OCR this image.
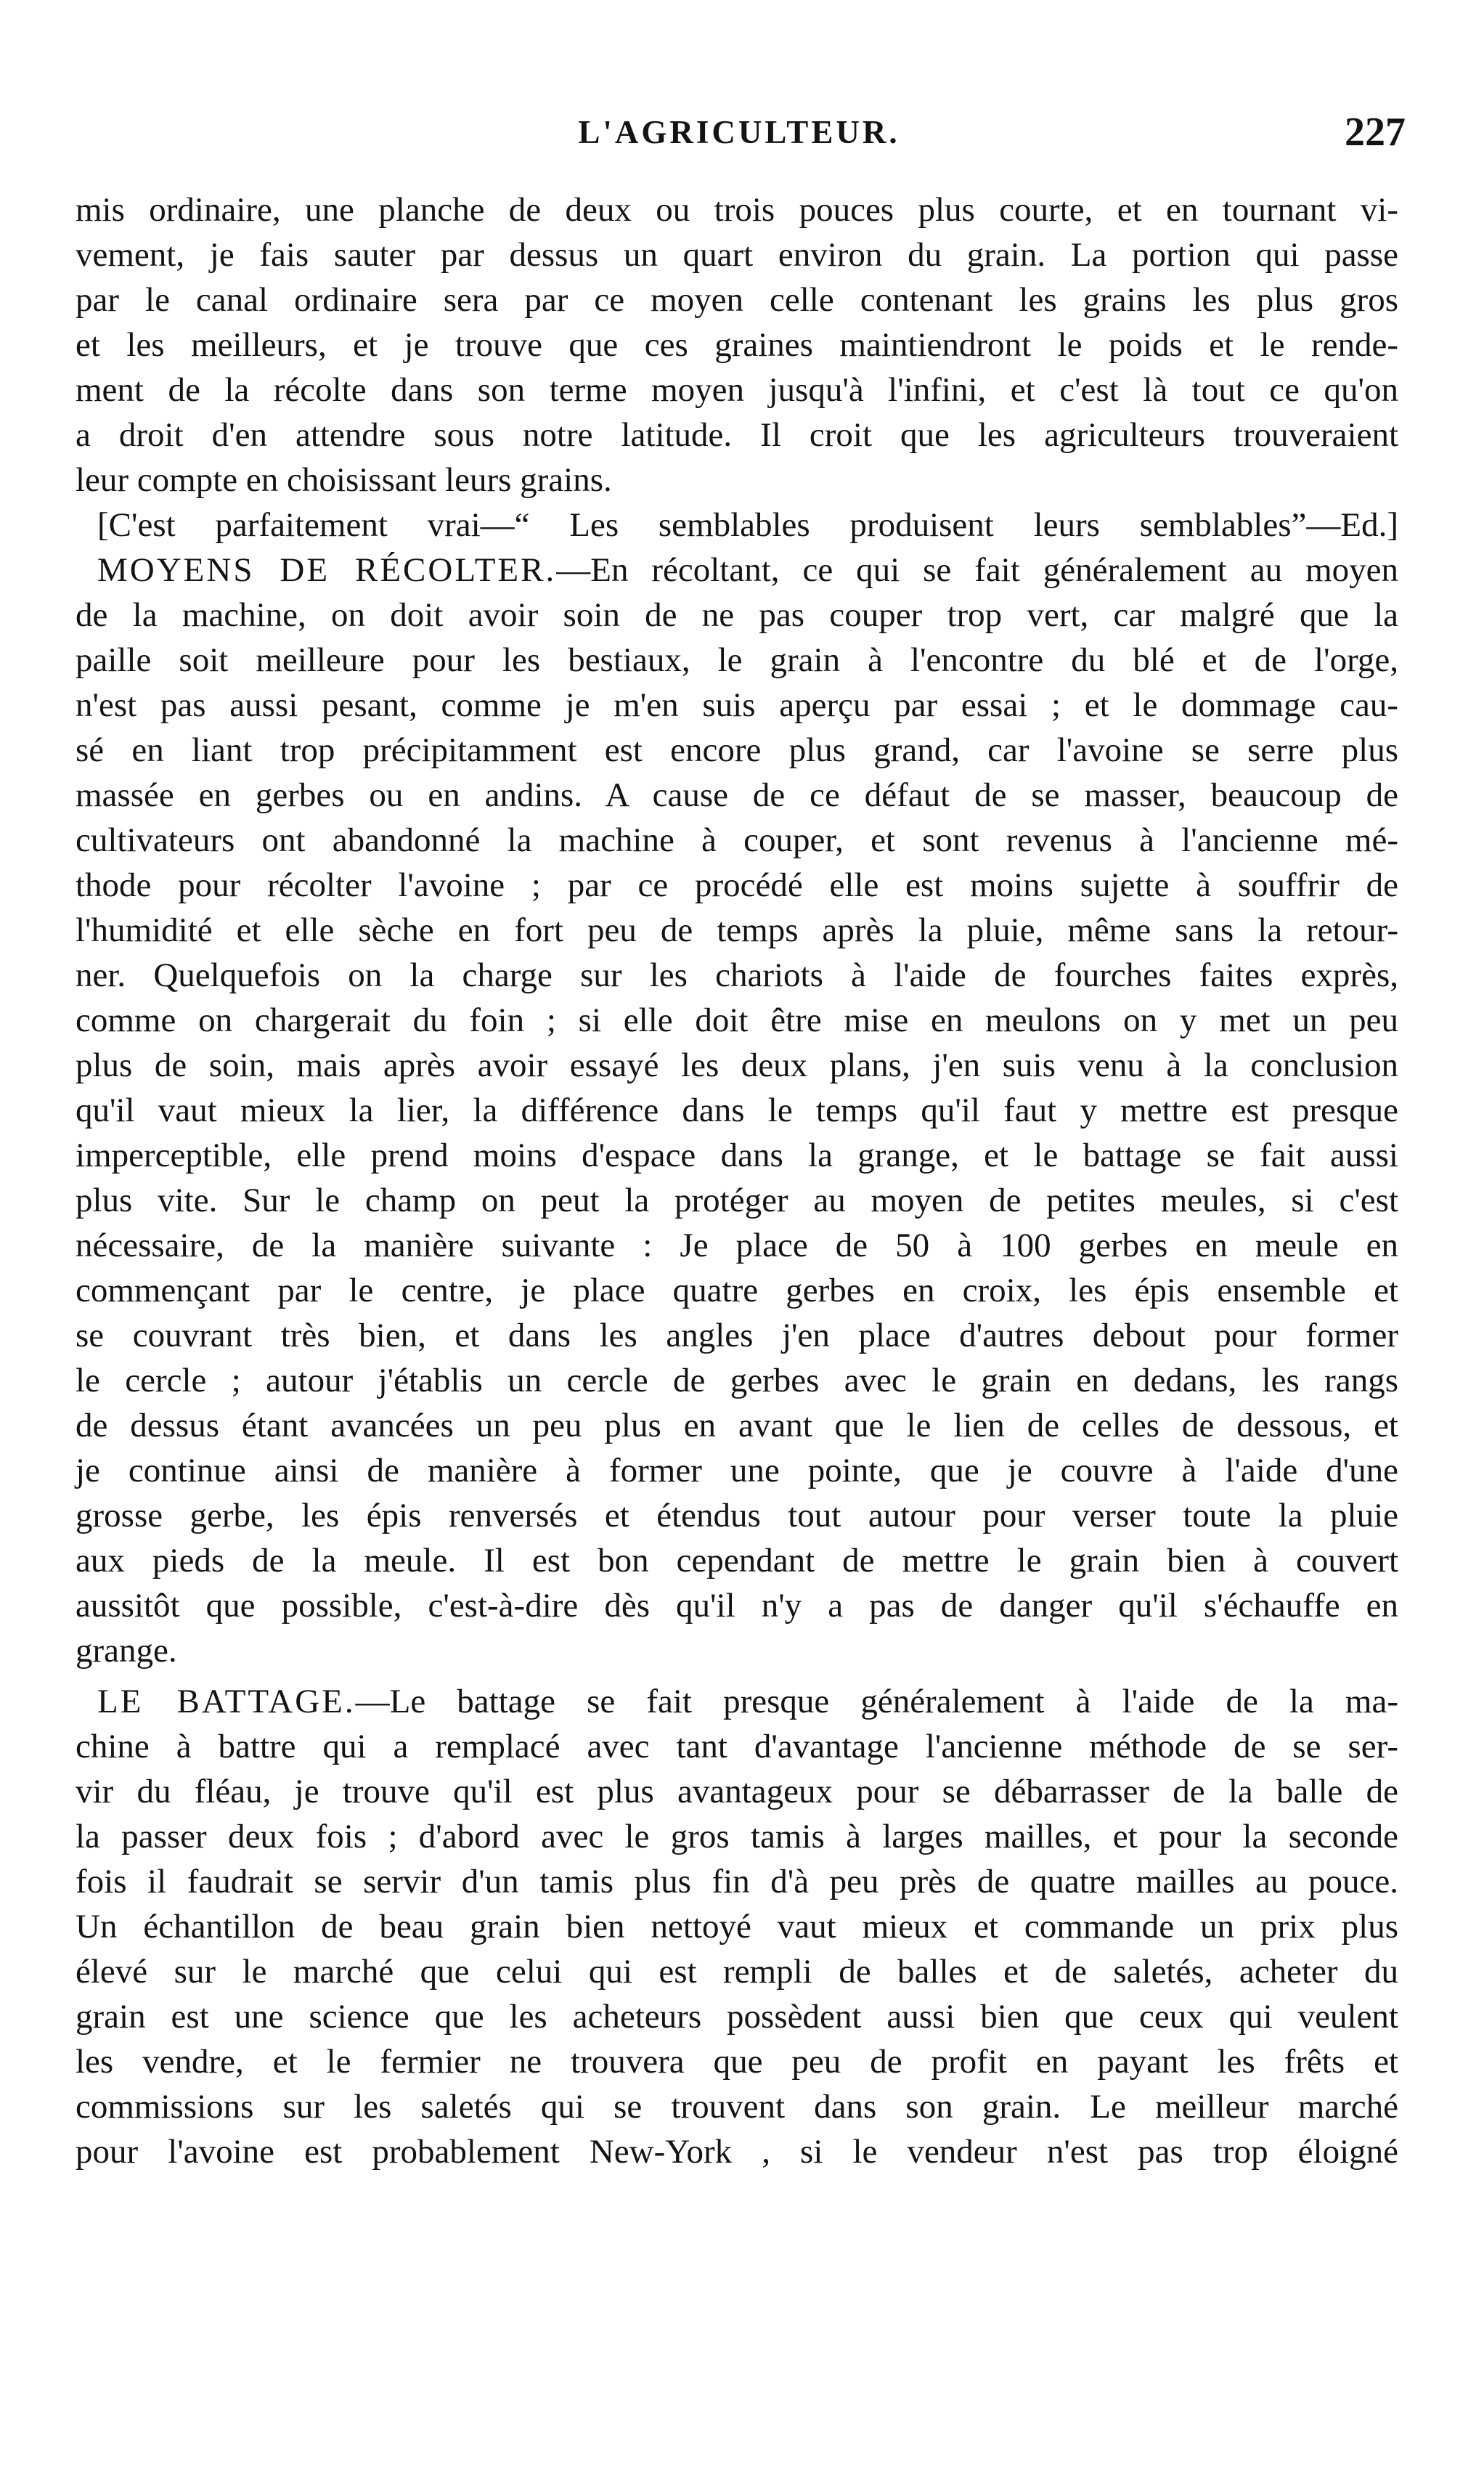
L'AGRICULTEUR.	227
mis ordinaire, une planche de deux ou trois pouces plus courte, et en tournant vi-
vement, je fais sauter par dessus un quart environ du grain. La portion qui passe
par le canal ordinaire sera par ce moyen celle contenant les grains les plus gros
et les meilleurs, et je trouve que ces graines maintiendront le poids et le rende-
ment de la récolte dans son terme moyen jusqu'à l'infini, et c'est là tout ce qu'on
a droit d'en attendre sous notre latitude. Il croit que les agriculteurs trouveraient
leur compte en choisissant leurs grains.
[C'est parfaitement vrai—“ Les semblables produisent leurs semblables”—Ed.]
MOYENS DE RÉCOLTER.—En récoltant, ce qui se fait généralement au moyen
de la machine, on doit avoir soin de ne pas couper trop vert, car malgré que la
paille soit meilleure pour les bestiaux, le grain à l'encontre du blé et de l'orge,
n'est pas aussi pesant, comme je m'en suis aperçu par essai ; et le dommage cau-
sé en liant trop précipitamment est encore plus grand, car l'avoine se serre plus
massée en gerbes ou en andins. A cause de ce défaut de se masser, beaucoup de
cultivateurs ont abandonné la machine à couper, et sont revenus à l'ancienne mé-
thode pour récolter l'avoine ; par ce procédé elle est moins sujette à souffrir de
l'humidité et elle sèche en fort peu de temps après la pluie, même sans la retour-
ner. Quelquefois on la charge sur les chariots à l'aide de fourches faites exprès,
comme on chargerait du foin ; si elle doit être mise en meulons on y met un peu
plus de soin, mais après avoir essayé les deux plans, j'en suis venu à la conclusion
qu'il vaut mieux la lier, la différence dans le temps qu'il faut y mettre est presque
imperceptible, elle prend moins d'espace dans la grange, et le battage se fait aussi
plus vite. Sur le champ on peut la protéger au moyen de petites meules, si c'est
nécessaire, de la manière suivante : Je place de 50 à 100 gerbes en meule en
commençant par le centre, je place quatre gerbes en croix, les épis ensemble et
se couvrant très bien, et dans les angles j'en place d'autres debout pour former
le cercle ; autour j'établis un cercle de gerbes avec le grain en dedans, les rangs
de dessus étant avancées un peu plus en avant que le lien de celles de dessous, et
je continue ainsi de manière à former une pointe, que je couvre à l'aide d'une
grosse gerbe, les épis renversés et étendus tout autour pour verser toute la pluie
aux pieds de la meule. Il est bon cependant de mettre le grain bien à couvert
aussitôt que possible, c'est-à-dire dès qu'il n'y a pas de danger qu'il s'échauffe en
grange.
LE BATTAGE.—Le battage se fait presque généralement à l'aide de la ma-
chine à battre qui a remplacé avec tant d'avantage l'ancienne méthode de se ser-
vir du fléau, je trouve qu'il est plus avantageux pour se débarrasser de la balle de
la passer deux fois ; d'abord avec le gros tamis à larges mailles, et pour la seconde
fois il faudrait se servir d'un tamis plus fin d'à peu près de quatre mailles au pouce.
Un échantillon de beau grain bien nettoyé vaut mieux et commande un prix plus
élevé sur le marché que celui qui est rempli de balles et de saletés, acheter du
grain est une science que les acheteurs possèdent aussi bien que ceux qui veulent
les vendre, et le fermier ne trouvera que peu de profit en payant les frêts et
commissions sur les saletés qui se trouvent dans son grain. Le meilleur marché
pour l'avoine est probablement New-York , si le vendeur n'est pas trop éloigné
